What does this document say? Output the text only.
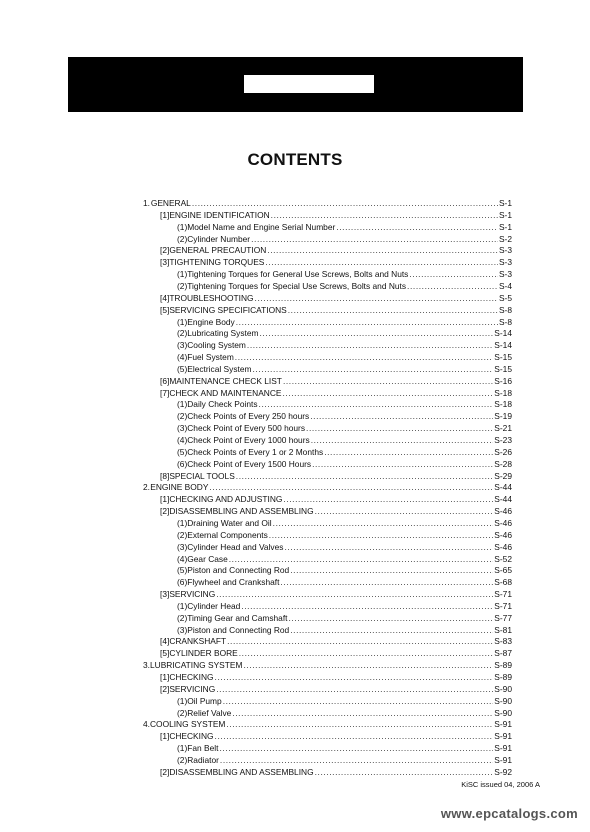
CONTENTS
1. GENERAL .....	S-1
[1] ENGINE IDENTIFICATION .....	S-1
(1) Model Name and Engine Serial Number .....	S-1
(2) Cylinder Number .....	S-2
[2] GENERAL PRECAUTION .....	S-3
[3] TIGHTENING TORQUES .....	S-3
(1) Tightening Torques for General Use Screws, Bolts and Nuts .....	S-3
(2) Tightening Torques for Special Use Screws, Bolts and Nuts .....	S-4
[4] TROUBLESHOOTING .....	S-5
[5] SERVICING SPECIFICATIONS .....	S-8
(1) Engine Body .....	S-8
(2) Lubricating System .....	S-14
(3) Cooling System .....	S-14
(4) Fuel System .....	S-15
(5) Electrical System .....	S-15
[6] MAINTENANCE CHECK LIST .....	S-16
[7] CHECK AND MAINTENANCE .....	S-18
(1) Daily Check Points .....	S-18
(2) Check Points of Every 250 hours .....	S-19
(3) Check Point of Every 500 hours .....	S-21
(4) Check Point of Every 1000 hours .....	S-23
(5) Check Points of Every 1 or 2 Months .....	S-26
(6) Check Point of Every 1500 Hours .....	S-28
[8] SPECIAL TOOLS .....	S-29
2. ENGINE BODY .....	S-44
[1] CHECKING AND ADJUSTING .....	S-44
[2] DISASSEMBLING AND ASSEMBLING .....	S-46
(1) Draining Water and Oil .....	S-46
(2) External Components .....	S-46
(3) Cylinder Head and Valves .....	S-46
(4) Gear Case .....	S-52
(5) Piston and Connecting Rod .....	S-65
(6) Flywheel and Crankshaft .....	S-68
[3] SERVICING .....	S-71
(1) Cylinder Head .....	S-71
(2) Timing Gear and Camshaft .....	S-77
(3) Piston and Connecting Rod .....	S-81
[4] CRANKSHAFT .....	S-83
[5] CYLINDER BORE .....	S-87
3. LUBRICATING SYSTEM .....	S-89
[1] CHECKING .....	S-89
[2] SERVICING .....	S-90
(1) Oil Pump .....	S-90
(2) Relief Valve .....	S-90
4. COOLING SYSTEM .....	S-91
[1] CHECKING .....	S-91
(1) Fan Belt .....	S-91
(2) Radiator .....	S-91
[2] DISASSEMBLING AND ASSEMBLING .....	S-92
KiSC issued 04, 2006 A
www.epcatalogs.com
